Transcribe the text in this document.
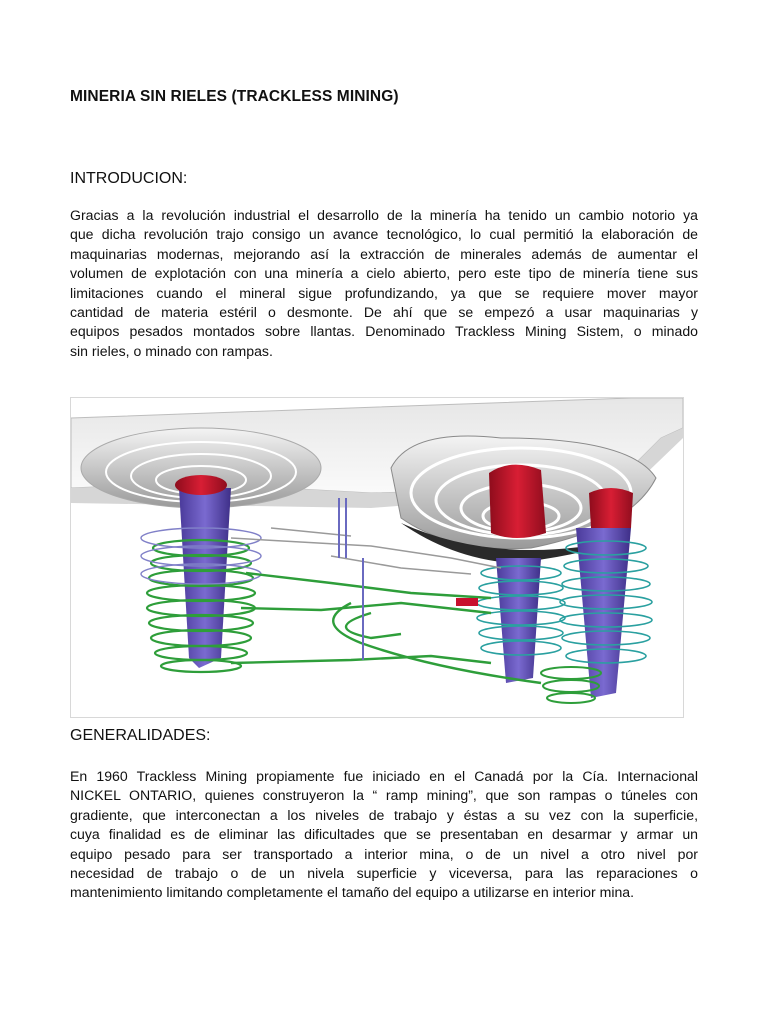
MINERIA SIN RIELES (TRACKLESS MINING)
INTRODUCION:
Gracias a la revolución industrial el desarrollo de la minería ha tenido un cambio notorio ya
que dicha revolución trajo consigo un avance tecnológico, lo cual permitió la elaboración de
maquinarias modernas, mejorando así la extracción de minerales además de aumentar el
volumen de explotación con una minería a cielo abierto, pero este tipo de minería tiene sus
limitaciones cuando el mineral sigue profundizando, ya que se requiere mover mayor
cantidad de materia estéril o desmonte. De ahí que se empezó a usar maquinarias y
equipos pesados montados sobre llantas. Denominado Trackless Mining Sistem, o minado
sin rieles, o minado con rampas.
GENERALIDADES:
En 1960 Trackless Mining propiamente fue iniciado en el Canadá por la Cía. Internacional
NICKEL ONTARIO, quienes construyeron la “ ramp mining”, que son rampas o túneles con
gradiente, que interconectan a los niveles de trabajo y éstas a su vez con la superficie,
cuya finalidad es de eliminar las dificultades que se presentaban en desarmar y armar un
equipo pesado para ser transportado a interior mina, o de un nivel a otro nivel por
necesidad de trabajo o de un nivela superficie y viceversa, para las reparaciones o
mantenimiento limitando completamente el tamaño del equipo a utilizarse en interior mina.
